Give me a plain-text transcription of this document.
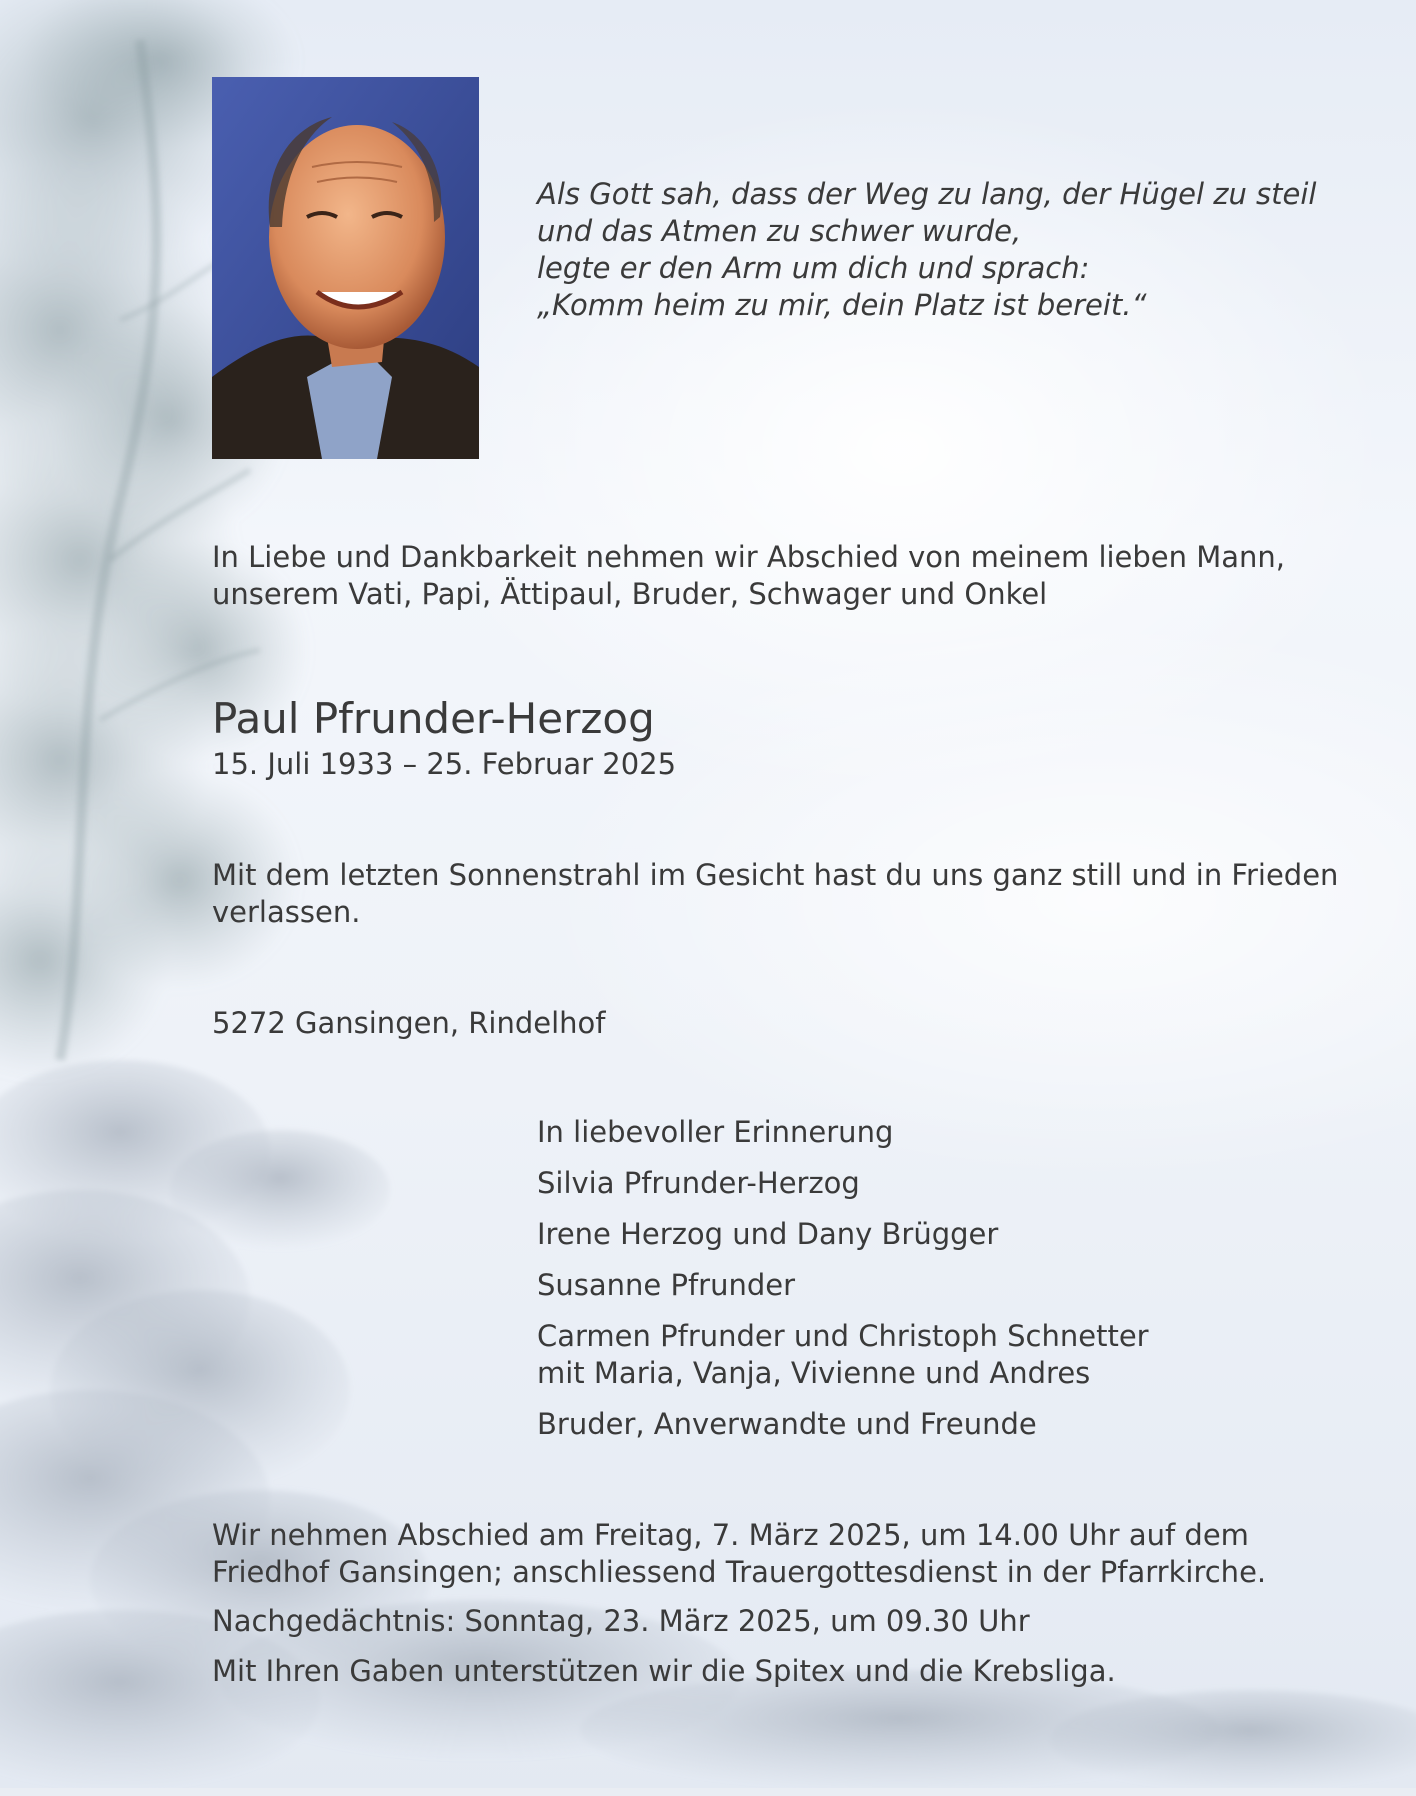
Als Gott sah, dass der Weg zu lang, der Hügel zu steil
und das Atmen zu schwer wurde,
legte er den Arm um dich und sprach:
„Komm heim zu mir, dein Platz ist bereit.“
In Liebe und Dankbarkeit nehmen wir Abschied von meinem lieben Mann,
unserem Vati, Papi, Ättipaul, Bruder, Schwager und Onkel
Paul Pfrunder-Herzog
15. Juli 1933 – 25. Februar 2025
Mit dem letzten Sonnenstrahl im Gesicht hast du uns ganz still und in Frieden
verlassen.
5272 Gansingen, Rindelhof
In liebevoller Erinnerung
Silvia Pfrunder-Herzog
Irene Herzog und Dany Brügger
Susanne Pfrunder
Carmen Pfrunder und Christoph Schnetter
mit Maria, Vanja, Vivienne und Andres
Bruder, Anverwandte und Freunde
Wir nehmen Abschied am Freitag, 7. März 2025, um 14.00 Uhr auf dem
Friedhof Gansingen; anschliessend Trauergottesdienst in der Pfarrkirche.
Nachgedächtnis: Sonntag, 23. März 2025, um 09.30 Uhr
Mit Ihren Gaben unterstützen wir die Spitex und die Krebsliga.
